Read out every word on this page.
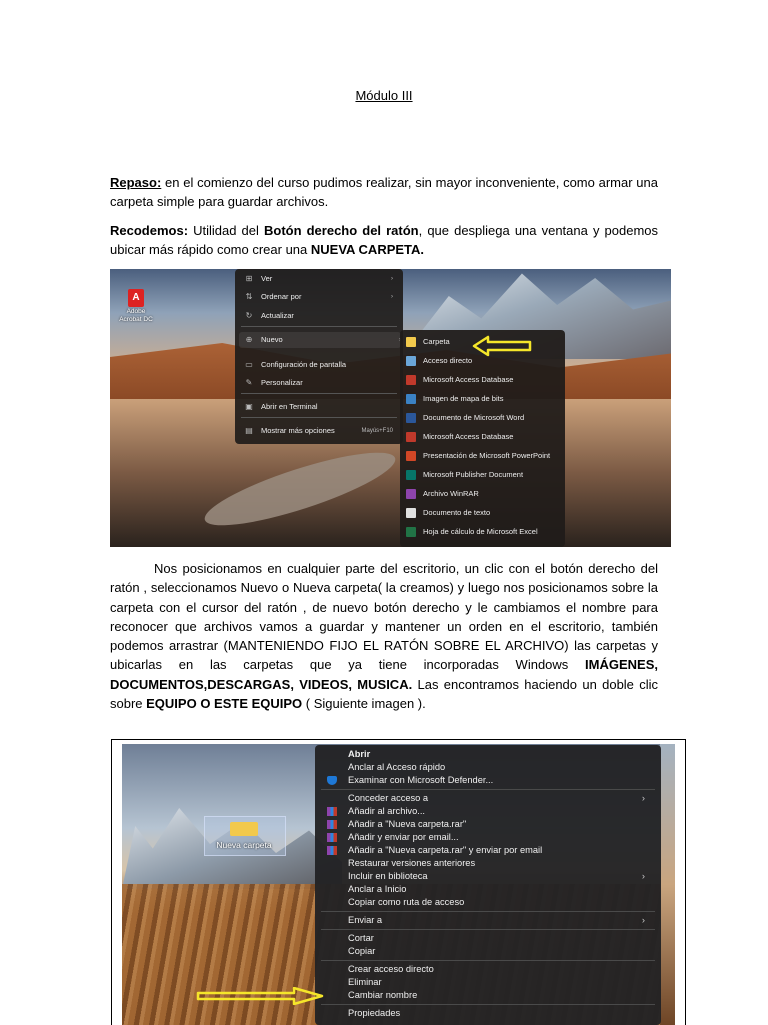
Módulo III

Repaso: en el comienzo del curso pudimos realizar, sin mayor inconveniente, como armar una carpeta simple para guardar archivos.

Recodemos: Utilidad del Botón derecho del ratón, que despliega una ventana y podemos ubicar más rápido como crear una NUEVA CARPETA.

A
Adobe Acrobat DC
⊞	Ver	›
⇅	Ordenar por	›
↻	Actualizar
⊕	Nuevo
▭ Configuración de pantalla
✎	Personalizar
▣ Abrir en Terminal
▤ Mostrar más opciones	Mayús+F10
Carpeta
Acceso directo
Microsoft Access Database
Imagen de mapa de bits
Documento de Microsoft Word
Microsoft Access Database
Presentación de Microsoft PowerPoint
Microsoft Publisher Document
Archivo WinRAR
Documento de texto
Hoja de cálculo de Microsoft Excel

Nos posicionamos en cualquier parte del escritorio, un clic con el botón derecho del ratón , seleccionamos Nuevo o Nueva carpeta( la creamos) y luego nos posicionamos sobre la carpeta con el cursor del ratón , de nuevo botón derecho y le cambiamos el nombre para reconocer que archivos vamos a guardar y mantener un orden en el escritorio, también podemos arrastrar (MANTENIENDO FIJO EL RATÓN SOBRE EL ARCHIVO) las carpetas y ubicarlas en las carpetas que ya tiene incorporadas Windows IMÁGENES, DOCUMENTOS,DESCARGAS, VIDEOS, MUSICA. Las encontramos haciendo un doble clic sobre EQUIPO O ESTE EQUIPO ( Siguiente imagen ).

Nueva carpeta
Abrir
Anclar al Acceso rápido
Examinar con Microsoft Defender...
Conceder acceso a	›
Añadir al archivo...
Añadir a "Nueva carpeta.rar"
Añadir y enviar por email...
Añadir a "Nueva carpeta.rar" y enviar por email
Restaurar versiones anteriores
Incluir en biblioteca	›
Anclar a Inicio
Copiar como ruta de acceso
Enviar a	›
Cortar
Copiar
Crear acceso directo
Eliminar
Cambiar nombre
Propiedades
